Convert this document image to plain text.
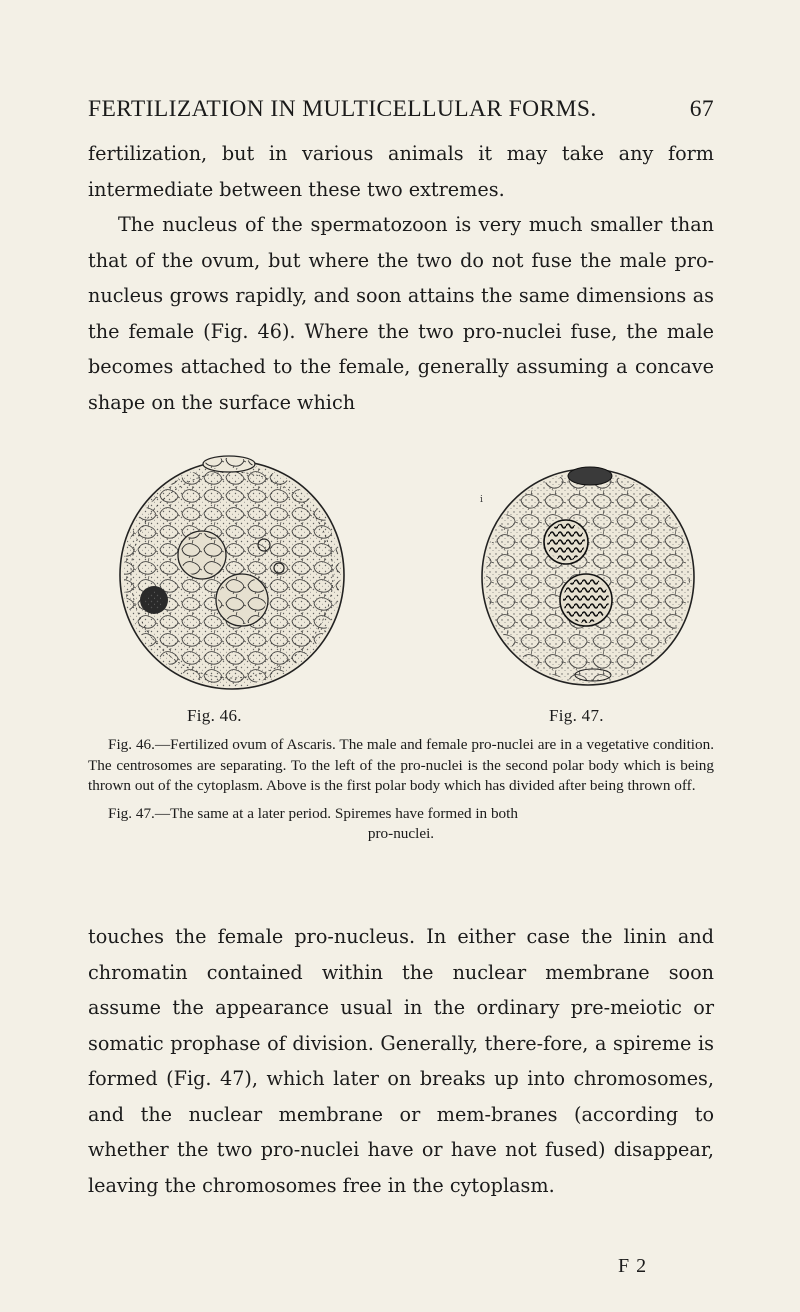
FERTILIZATION IN MULTICELLULAR FORMS.	67

fertilization, but in various animals it may take any form intermediate between these two extremes.

The nucleus of the spermatozoon is very much smaller than that of the ovum, but where the two do not fuse the male pro-nucleus grows rapidly, and soon attains the same dimensions as the female (Fig. 46). Where the two pro-nuclei fuse, the male becomes attached to the female, generally assuming a concave shape on the surface which

i
Fig. 46.	Fig. 47.

Fig. 46.—Fertilized ovum of Ascaris. The male and female pro-nuclei are in a vegetative condition. The centrosomes are separating. To the left of the pro-nuclei is the second polar body which is being thrown out of the cytoplasm. Above is the first polar body which has divided after being thrown off.

Fig. 47.—The same at a later period. Spiremes have formed in both

pro-nuclei.

touches the female pro-nucleus. In either case the linin and chromatin contained within the nuclear membrane soon assume the appearance usual in the ordinary pre-meiotic or somatic prophase of division. Generally, there-fore, a spireme is formed (Fig. 47), which later on breaks up into chromosomes, and the nuclear membrane or mem-branes (according to whether the two pro-nuclei have or have not fused) disappear, leaving the chromosomes free in the cytoplasm.

F 2
